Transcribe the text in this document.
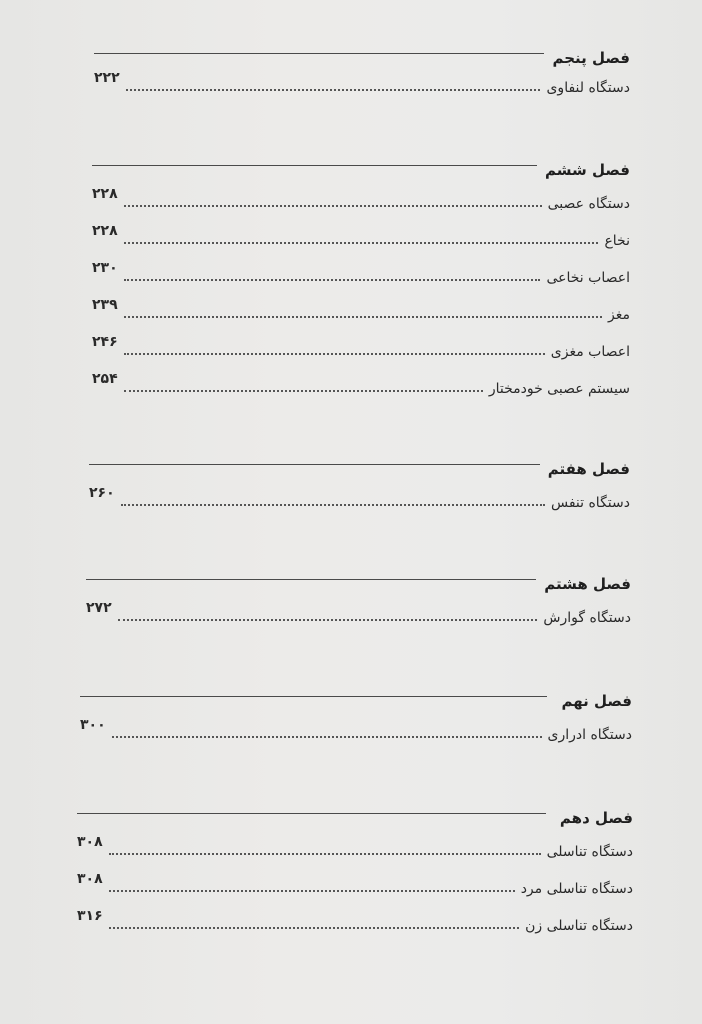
فصل پنجم
دستگاه لنفاوی
۲۲۲
فصل ششم
دستگاه عصبی
۲۲۸
نخاع
۲۲۸
اعصاب نخاعی
۲۳۰
مغز
۲۳۹
اعصاب مغزی
۲۴۶
سیستم عصبی خودمختار
۲۵۴
فصل هفتم
دستگاه تنفس
۲۶۰
فصل هشتم
دستگاه گوارش
۲۷۲
فصل نهم
دستگاه ادراری
۳۰۰
فصل دهم
دستگاه تناسلی
۳۰۸
دستگاه تناسلی مرد
۳۰۸
دستگاه تناسلی زن
۳۱۶
